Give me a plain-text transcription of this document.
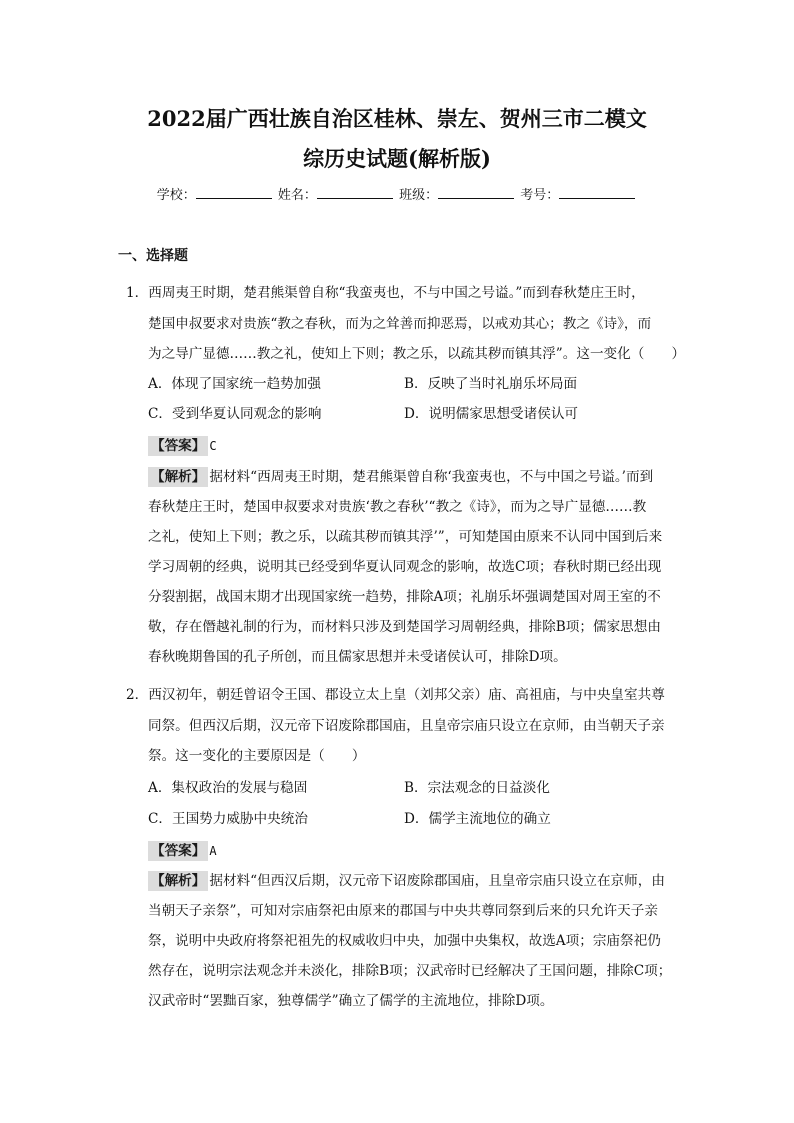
2022届广西壮族自治区桂林、崇左、贺州三市二模文
综历史试题(解析版)
学校：	姓名：	班级：	考号：
一、选择题
1．西周夷王时期，楚君熊渠曾自称“我蛮夷也，不与中国之号谥。”而到春秋楚庄王时，
楚国申叔要求对贵族“教之春秋，而为之耸善而抑恶焉，以戒劝其心；教之《诗》，而
为之导广显德……教之礼，使知上下则；教之乐，以疏其秽而镇其浮”。这一变化（　　）
A．体现了国家统一趋势加强	B．反映了当时礼崩乐坏局面
C．受到华夏认同观念的影响	D．说明儒家思想受诸侯认可
【答案】 C
【解析】 据材料“西周夷王时期，楚君熊渠曾自称‘我蛮夷也，不与中国之号谥。’而到
春秋楚庄王时，楚国申叔要求对贵族‘教之春秋’“教之《诗》，而为之导广显德……教
之礼，使知上下则；教之乐，以疏其秽而镇其浮’”，可知楚国由原来不认同中国到后来
学习周朝的经典，说明其已经受到华夏认同观念的影响，故选C项；春秋时期已经出现
分裂割据，战国末期才出现国家统一趋势，排除A项；礼崩乐坏强调楚国对周王室的不
敬，存在僭越礼制的行为，而材料只涉及到楚国学习周朝经典，排除B项；儒家思想由
春秋晚期鲁国的孔子所创，而且儒家思想并未受诸侯认可，排除D项。
2．西汉初年，朝廷曾诏令王国、郡设立太上皇（刘邦父亲）庙、高祖庙，与中央皇室共尊
同祭。但西汉后期，汉元帝下诏废除郡国庙，且皇帝宗庙只设立在京师，由当朝天子亲
祭。这一变化的主要原因是（　　）
A．集权政治的发展与稳固	B．宗法观念的日益淡化
C．王国势力威胁中央统治	D．儒学主流地位的确立
【答案】 A
【解析】 据材料“但西汉后期，汉元帝下诏废除郡国庙，且皇帝宗庙只设立在京师，由
当朝天子亲祭”，可知对宗庙祭祀由原来的郡国与中央共尊同祭到后来的只允许天子亲
祭，说明中央政府将祭祀祖先的权威收归中央，加强中央集权，故选A项；宗庙祭祀仍
然存在，说明宗法观念并未淡化，排除B项；汉武帝时已经解决了王国问题，排除C项；
汉武帝时“罢黜百家，独尊儒学”确立了儒学的主流地位，排除D项。
